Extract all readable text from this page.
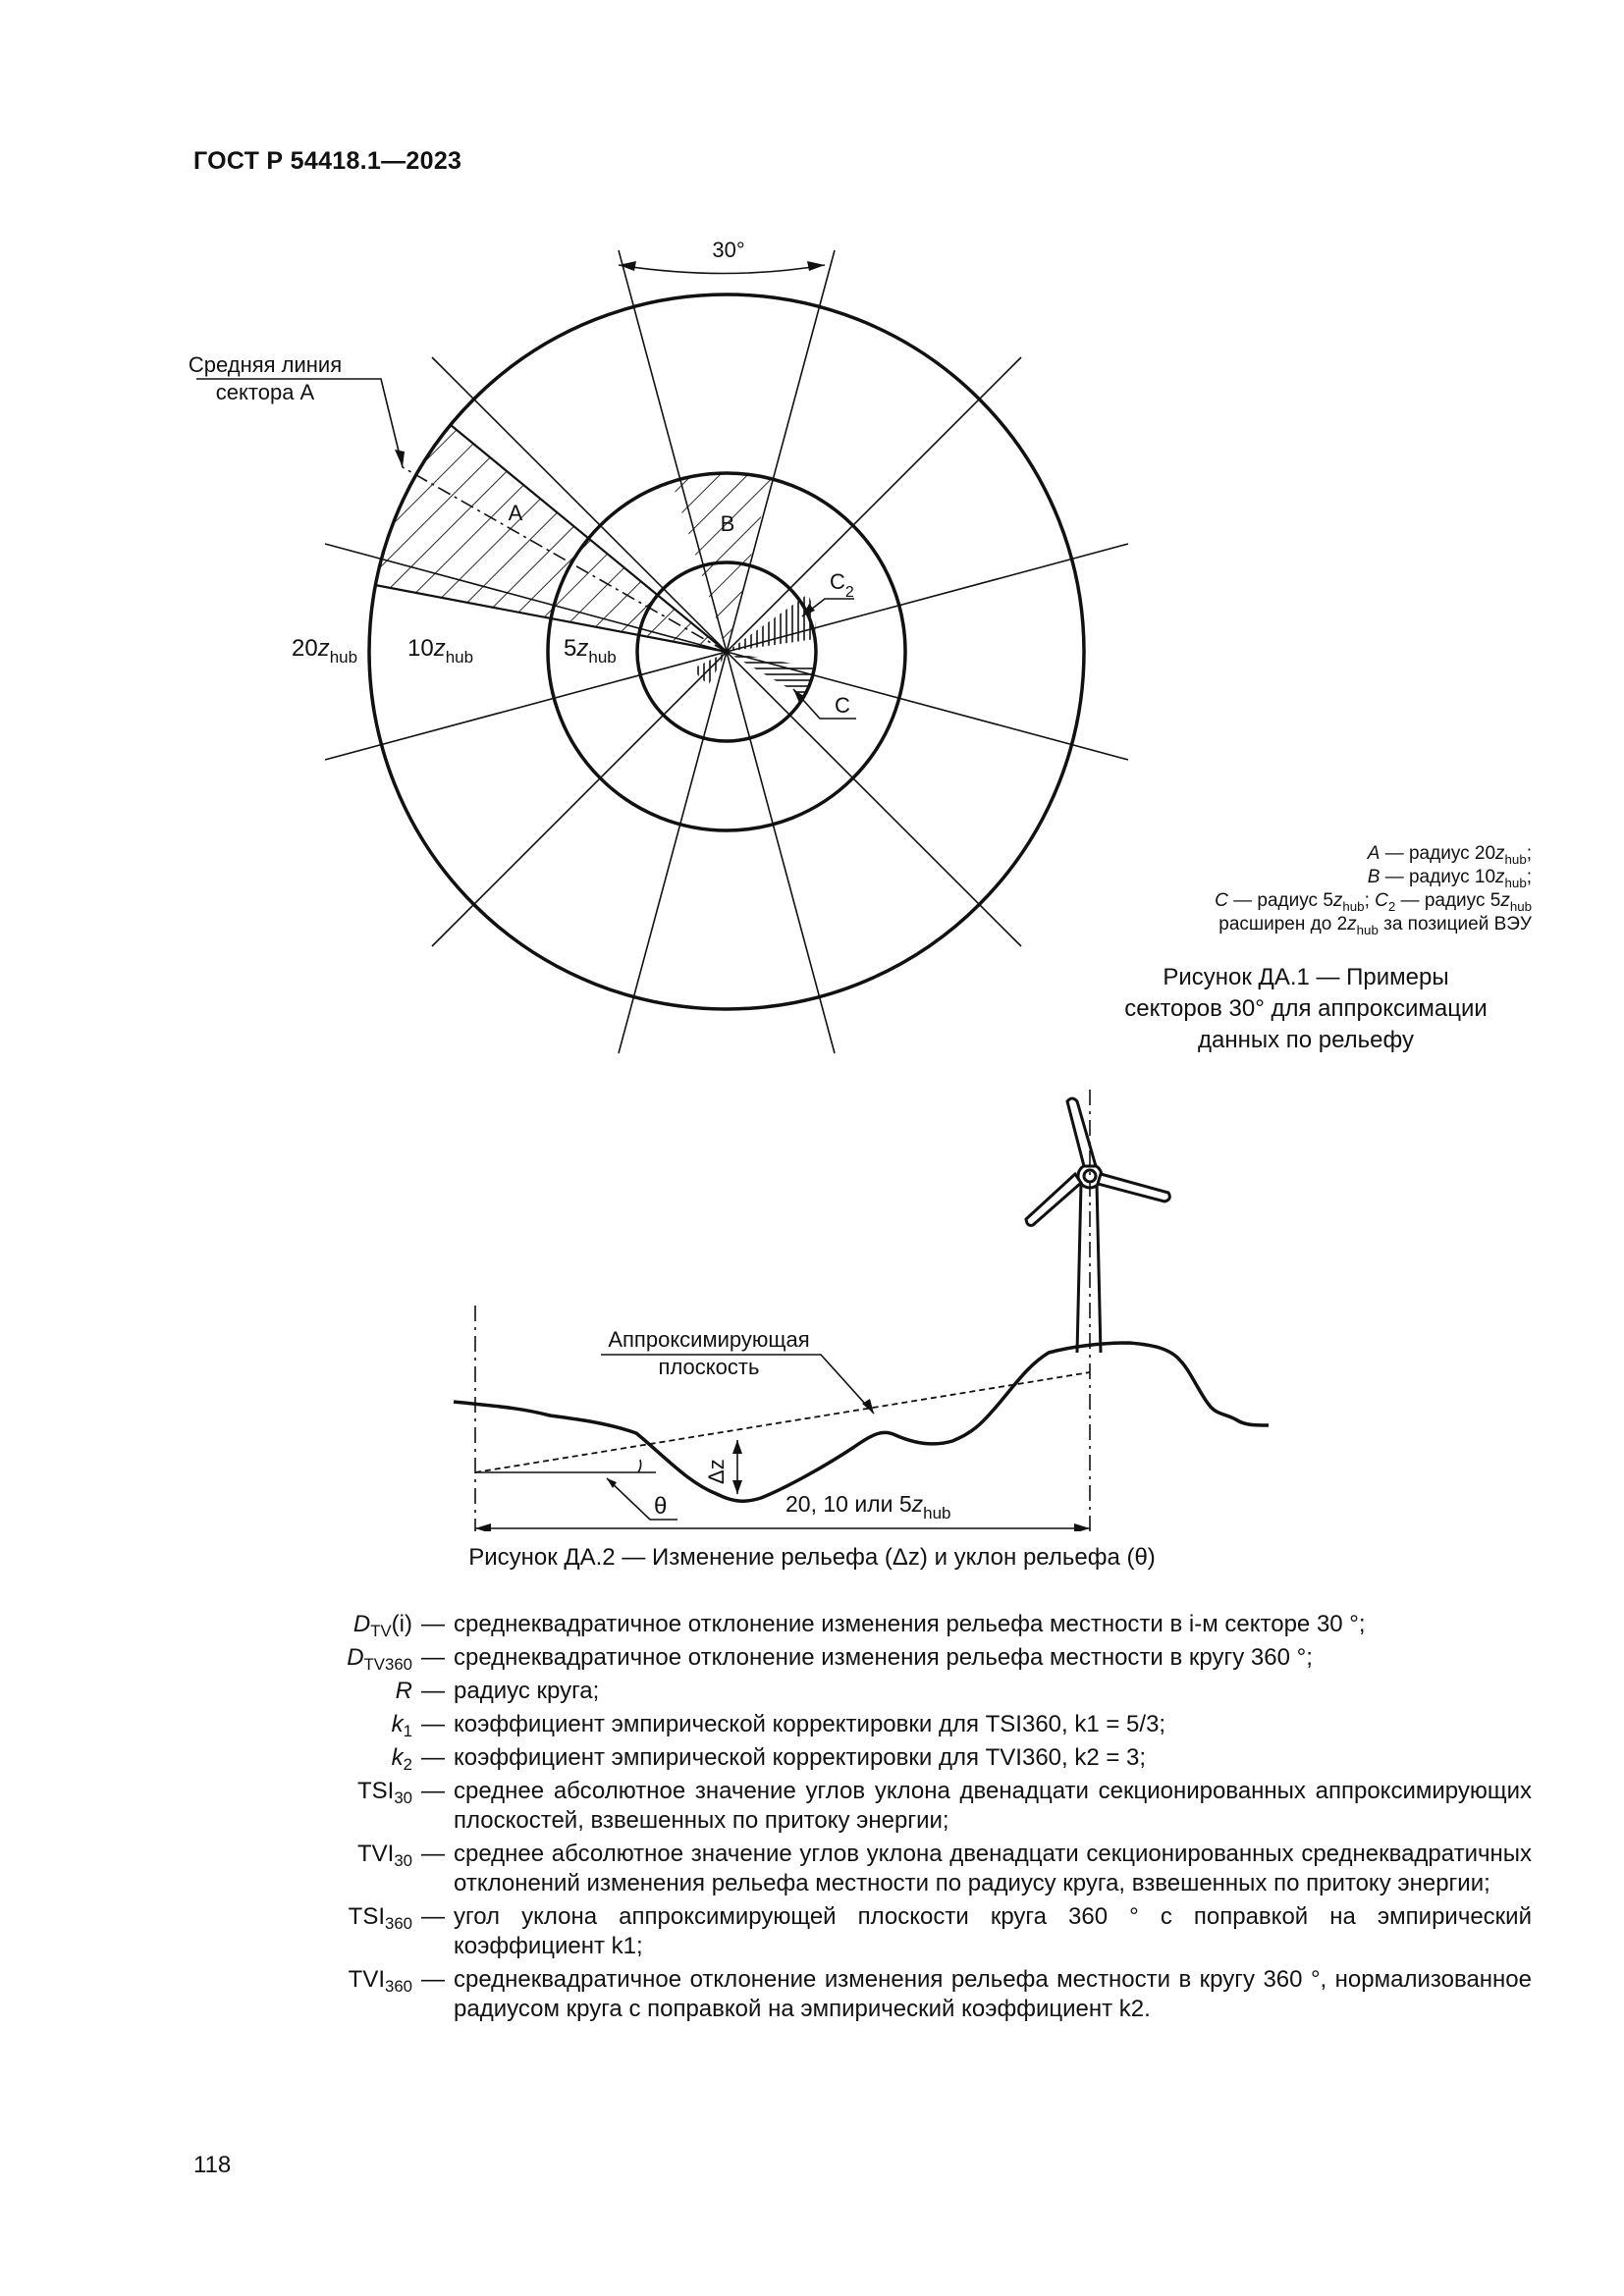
ГОСТ Р 54418.1—2023
30°
Средняя линия
сектора A
A	B
$C_2$
C
$20z_{hub}$ $10z_{hub}$	$5z_{hub}$
A — радиус $20z_{hub}$;
B — радиус $10z_{hub}$;
C — радиус $5z_{hub}$; $C_2$ — радиус $5z_{hub}$
расширен до $2z_{hub}$ за позицией ВЭУ
Рисунок ДА.1 — Примеры
секторов 30° для аппроксимации
данных по рельефу
θ
Δz
Аппроксимирующая
плоскость
20, 10 или $5z_{hub}$
Рисунок ДА.2 — Изменение рельефа (Δz) и уклон рельефа (θ)
$D_{TV}(i)$ — среднеквадратичное отклонение изменения рельефа местности в i-м секторе 30 °;
$D_{TV360}$ — среднеквадратичное отклонение изменения рельефа местности в кругу 360 °;
R — радиус круга;
$k_1$ — коэффициент эмпирической корректировки для TSI360, k1 = 5/3;
$k_2$ — коэффициент эмпирической корректировки для TVI360, k2 = 3;
$TSI_{30}$ — среднее абсолютное значение углов уклона двенадцати секционированных аппроксимирующих плоскостей, взвешенных по притоку энергии;
$TVI_{30}$ — среднее абсолютное значение углов уклона двенадцати секционированных среднеквадратичных отклонений изменения рельефа местности по радиусу круга, взвешенных по притоку энергии;
$TSI_{360}$ — угол уклона аппроксимирующей плоскости круга 360 ° с поправкой на эмпирический коэффициент k1;
$TVI_{360}$ — среднеквадратичное отклонение изменения рельефа местности в кругу 360 °, нормализованное радиусом круга с поправкой на эмпирический коэффициент k2.
118
